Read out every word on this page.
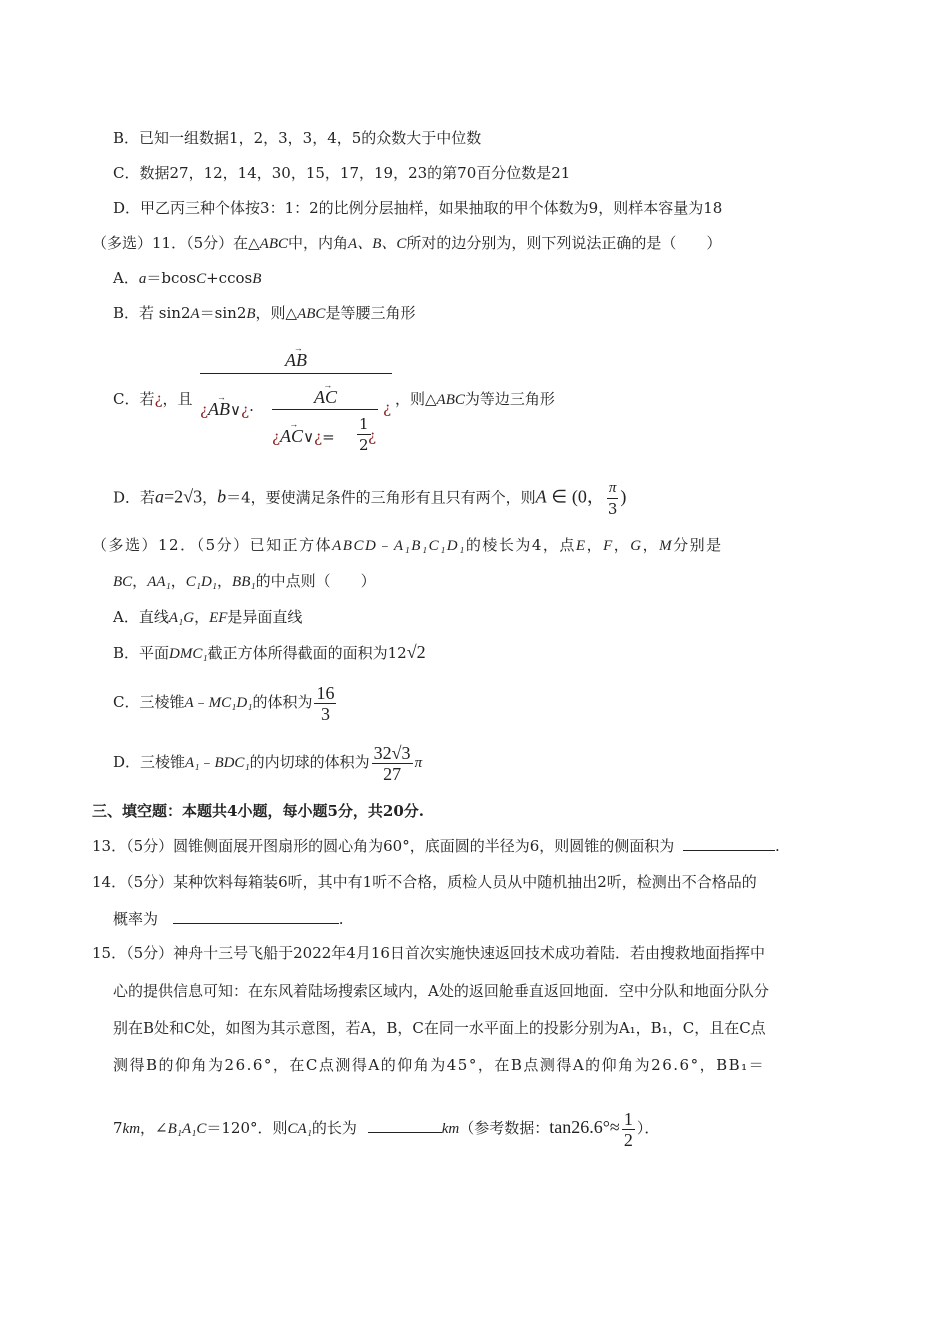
B．已知一组数据1，2，3，3，4，5的众数大于中位数
C．数据27，12，14，30，15，17，19，23的第70百分位数是21
D．甲乙丙三种个体按3：1：2的比例分层抽样，如果抽取的甲个体数为9，则样本容量为18
（多选）11．（5分）在△ABC中，内角A、B、C所对的边分别为，则下列说法正确的是（　　）
A．a＝bcosC+ccosB
B．若 sin2A＝sin2B，则△ABC是等腰三角形
C．若¿，且
→ AB
¿→ AB∨¿·
→ AC
¿
¿→ AC∨¿= $\frac{1}{2}$
¿
，则△ABC为等边三角形
D．若a=2√3，b＝4，要使满足条件的三角形有且只有两个，则A ∈ (0， $\frac{\pi}{3}$ )
（多选）12．（5分）已知正方体ABCD﹣A₁B₁C₁D₁的棱长为4，点E，F，G，M分别是
BC，AA₁，C₁D₁，BB₁的中点则（　　）
A．直线A₁G，EF是异面直线
B．平面DMC₁截正方体所得截面的面积为12√2
C．三棱锥A﹣MC₁D₁的体积为 $\frac{16}{3}$
D．三棱锥A₁﹣BDC₁的内切球的体积为 $\frac{32√3}{27}$ π
三、填空题：本题共4小题，每小题5分，共20分.
13．（5分）圆锥侧面展开图扇形的圆心角为60°，底面圆的半径为6，则圆锥的侧面积为	.
14．（5分）某种饮料每箱装6听，其中有1听不合格，质检人员从中随机抽出2听，检测出不合格品的
概率为	.
15．（5分）神舟十三号飞船于2022年4月16日首次实施快速返回技术成功着陆．若由搜救地面指挥中
心的提供信息可知：在东风着陆场搜索区域内，A处的返回舱垂直返回地面．空中分队和地面分队分
别在B处和C处，如图为其示意图，若A，B，C在同一水平面上的投影分别为A₁，B₁，C，且在C点
测得B的仰角为26.6°，在C点测得A的仰角为45°，在B点测得A的仰角为26.6°，BB₁＝
7km，∠B₁A₁C＝120°．则CA₁的长为	km（参考数据：$\tan 26.6^\circ\approx \frac{1}{2}$ ）．
